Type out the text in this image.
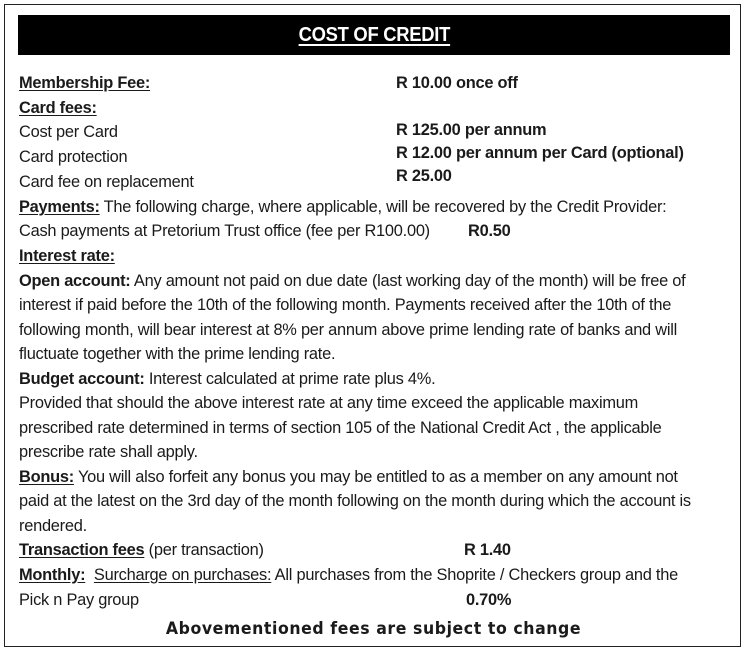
COST OF CREDIT
Membership Fee:	R 10.00 once off
Card fees:
Cost per Card	R 125.00 per annum
Card protection	R 12.00 per annum per Card (optional)
Card fee on replacement	R 25.00
Payments: The following charge, where applicable, will be recovered by the Credit Provider:
Cash payments at Pretorium Trust office (fee per R100.00) R0.50
Interest rate:
Open account: Any amount not paid on due date (last working day of the month) will be free of
interest if paid before the 10th of the following month. Payments received after the 10th of the
following month, will bear interest at 8% per annum above prime lending rate of banks and will
fluctuate together with the prime lending rate.
Budget account: Interest calculated at prime rate plus 4%.
Provided that should the above interest rate at any time exceed the applicable maximum
prescribed rate determined in terms of section 105 of the National Credit Act , the applicable
prescribe rate shall apply.
Bonus: You will also forfeit any bonus you may be entitled to as a member on any amount not
paid at the latest on the 3rd day of the month following on the month during which the account is
rendered.
Transaction fees (per transaction)	R 1.40
Monthly: Surcharge on purchases: All purchases from the Shoprite / Checkers group and the
Pick n Pay group	0.70%
Abovementioned fees are subject to change
